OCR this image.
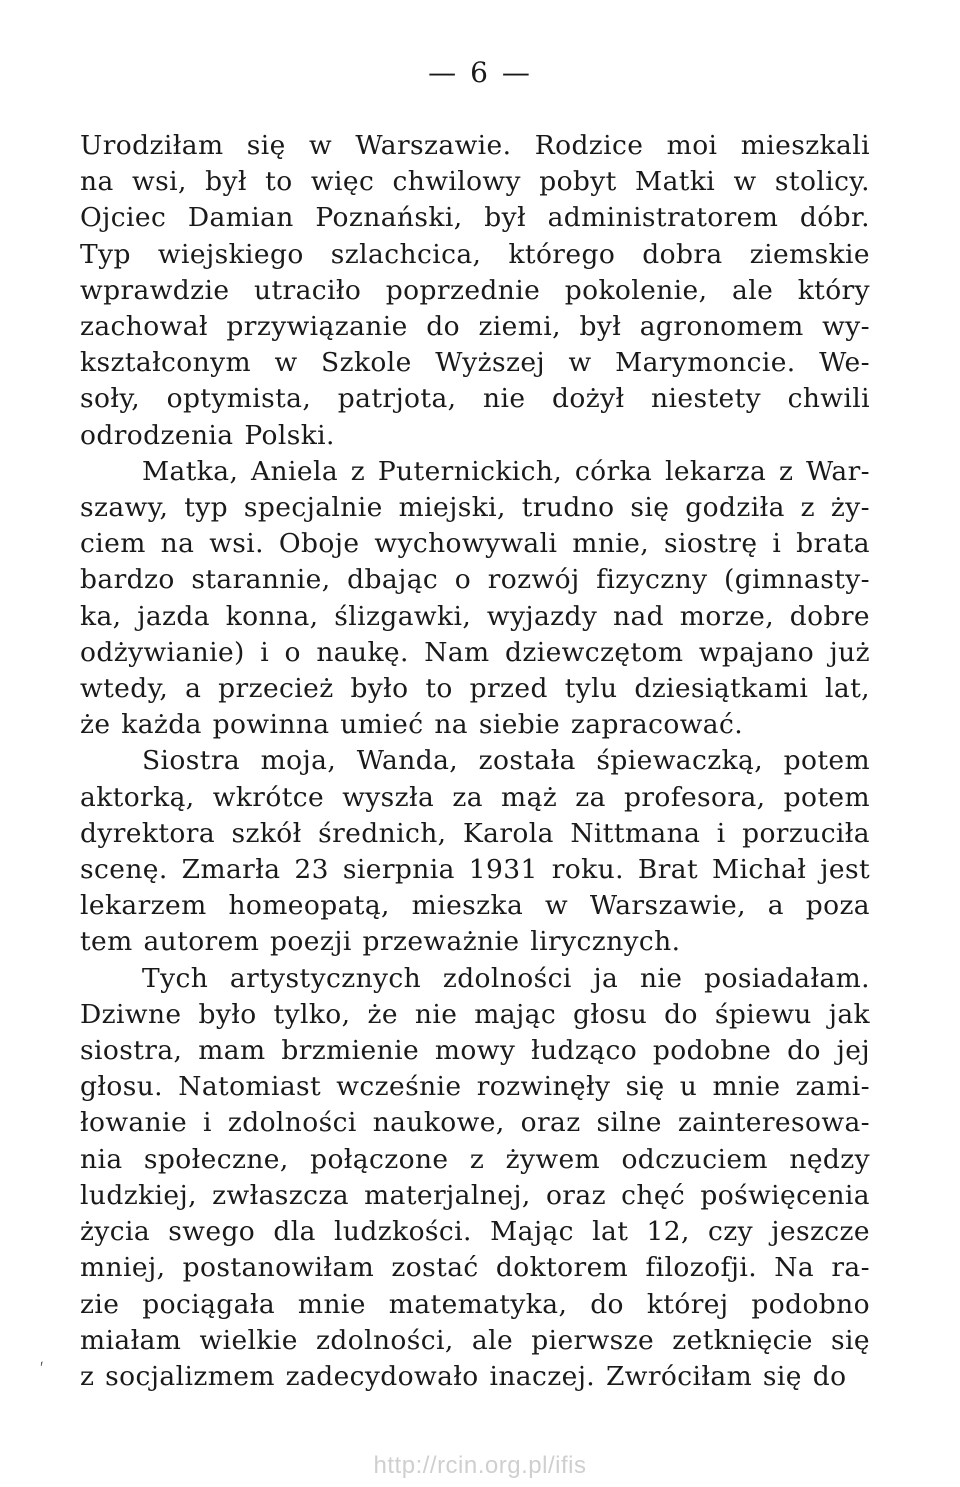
— 6 —
Urodziłam się w Warszawie. Rodzice moi mieszkali
na wsi, był to więc chwilowy pobyt Matki w stolicy.
Ojciec Damian Poznański, był administratorem dóbr.
Typ wiejskiego szlachcica, którego dobra ziemskie
wprawdzie utraciło poprzednie pokolenie, ale który
zachował przywiązanie do ziemi, był agronomem wy-
kształconym w Szkole Wyższej w Marymoncie. We-
soły, optymista, patrjota, nie dożył niestety chwili
odrodzenia Polski.
Matka, Aniela z Puternickich, córka lekarza z War-
szawy, typ specjalnie miejski, trudno się godziła z ży-
ciem na wsi. Oboje wychowywali mnie, siostrę i brata
bardzo starannie, dbając o rozwój fizyczny (gimnasty-
ka, jazda konna, ślizgawki, wyjazdy nad morze, dobre
odżywianie) i o naukę. Nam dziewczętom wpajano już
wtedy, a przecież było to przed tylu dziesiątkami lat,
że każda powinna umieć na siebie zapracować.
Siostra moja, Wanda, została śpiewaczką, potem
aktorką, wkrótce wyszła za mąż za profesora, potem
dyrektora szkół średnich, Karola Nittmana i porzuciła
scenę. Zmarła 23 sierpnia 1931 roku. Brat Michał jest
lekarzem homeopatą, mieszka w Warszawie, a poza
tem autorem poezji przeważnie lirycznych.
Tych artystycznych zdolności ja nie posiadałam.
Dziwne było tylko, że nie mając głosu do śpiewu jak
siostra, mam brzmienie mowy łudząco podobne do jej
głosu. Natomiast wcześnie rozwinęły się u mnie zami-
łowanie i zdolności naukowe, oraz silne zainteresowa-
nia społeczne, połączone z żywem odczuciem nędzy
ludzkiej, zwłaszcza materjalnej, oraz chęć poświęcenia
życia swego dla ludzkości. Mając lat 12, czy jeszcze
mniej, postanowiłam zostać doktorem filozofji. Na ra-
zie pociągała mnie matematyka, do której podobno
miałam wielkie zdolności, ale pierwsze zetknięcie się
z socjalizmem zadecydowało inaczej. Zwróciłam się do
ˊ
http://rcin.org.pl/ifis
